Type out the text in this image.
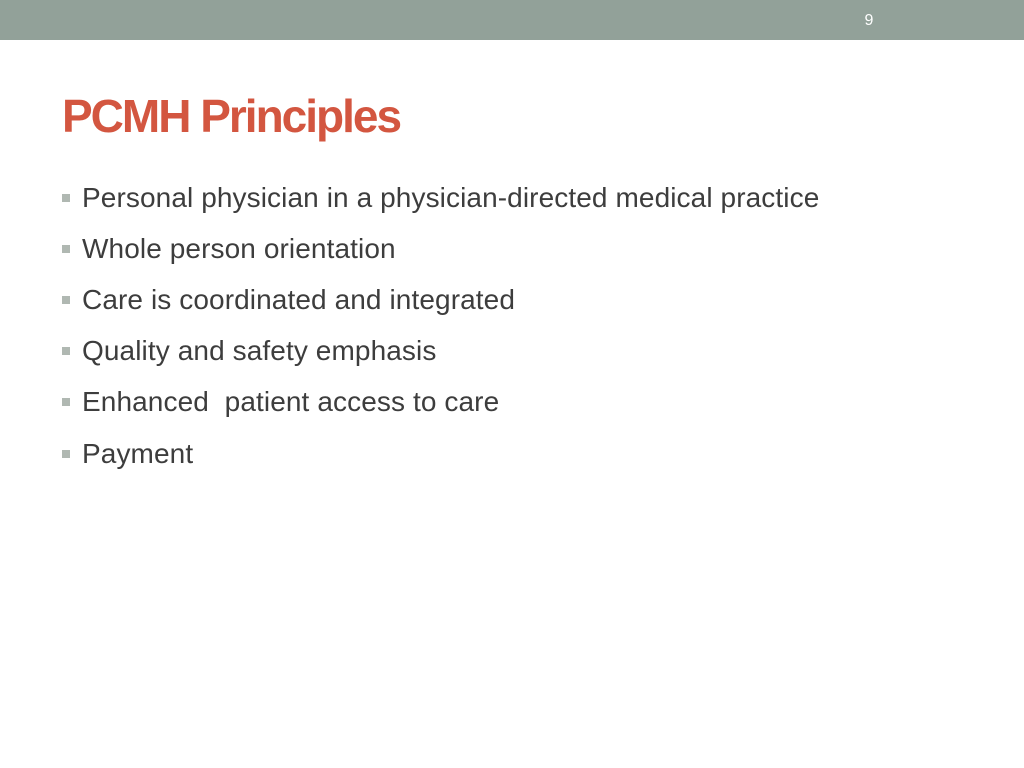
9
PCMH Principles
Personal physician in a physician-directed medical practice
Whole person orientation
Care is coordinated and integrated
Quality and safety emphasis
Enhanced  patient access to care
Payment
